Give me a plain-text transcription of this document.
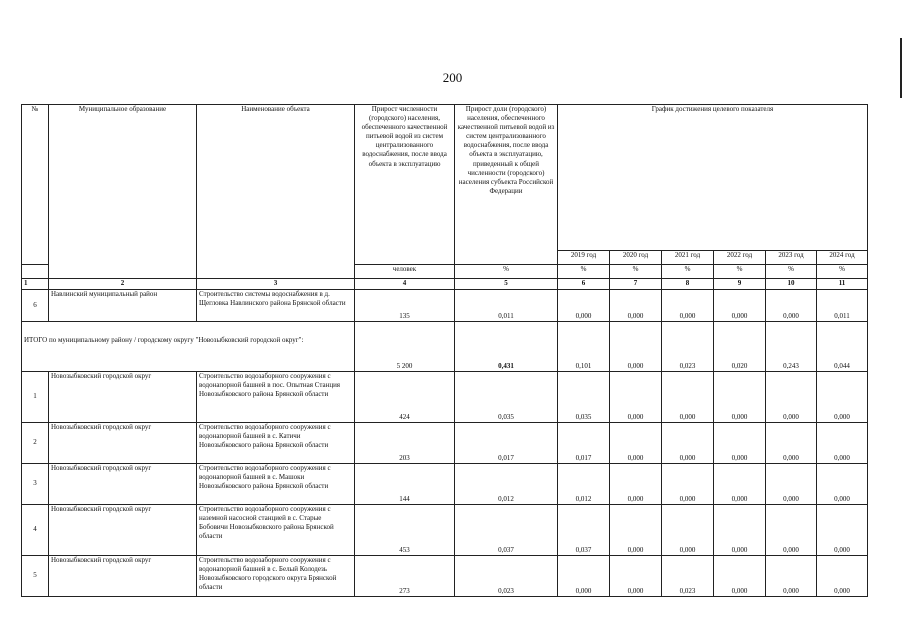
200
№	Муниципальное образование	Наименование объекта	Прирост численности (городского) населения, обеспеченного качественной питьевой водой из систем централизованного водоснабжения, после ввода объекта в эксплуатацию	Прирост доли (городского) населения, обеспеченного качественной питьевой водой из систем централизованного водоснабжения, после ввода объекта в эксплуатацию, приведенный к общей численности (городского) населения субъекта Российской Федерации	График достижения целевого показателя					
					2019 год	2020 год	2021 год	2022 год	2023 год	2024 год
			человек	%	%	%	%	%	%	%
1	2	3	4	5	6	7	8	9	10	11
6	Навлинский муниципальный район	Строительство системы водоснабжения в д. Щегловка Навлинского района Брянской области	135	0,011	0,000	0,000	0,000	0,000	0,000	0,011
ИТОГО по муниципальному району / городскому округу "Новозыбковский городской округ":			5 200	0,431	0,101	0,000	0,023	0,020	0,243	0,044
1	Новозыбковский городской округ	Строительство водозаборного сооружения с водонапорной башней в пос. Опытная Станция Новозыбковского района Брянской области	424	0,035	0,035	0,000	0,000	0,000	0,000	0,000
2	Новозыбковский городской округ	Строительство водозаборного сооружения с водонапорной башней в с. Катичи Новозыбковского района Брянской области	203	0,017	0,017	0,000	0,000	0,000	0,000	0,000
3	Новозыбковский городской округ	Строительство водозаборного сооружения с водонапорной башней в с. Машоки Новозыбковского района Брянской области	144	0,012	0,012	0,000	0,000	0,000	0,000	0,000
4	Новозыбковский городской округ	Строительство водозаборного сооружения с наземной насосной станцией в с. Старые Бобовичи Новозыбковского района Брянской области	453	0,037	0,037	0,000	0,000	0,000	0,000	0,000
5	Новозыбковский городской округ	Строительство водозаборного сооружения с водонапорной башней в с. Белый Колодезь Новозыбковского городского округа Брянской области	273	0,023	0,000	0,000	0,023	0,000	0,000	0,000
